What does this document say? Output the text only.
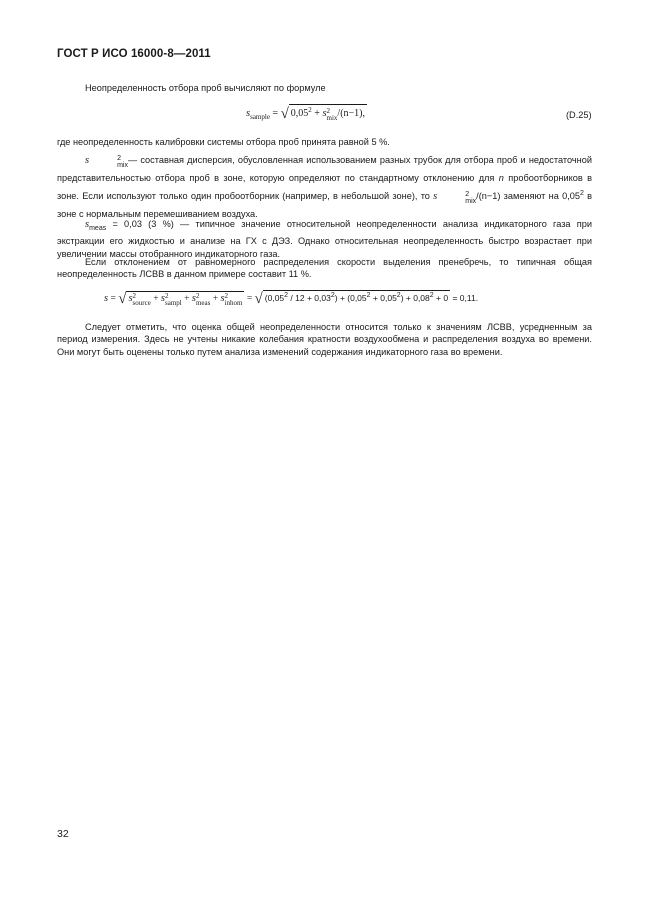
ГОСТ Р ИСО 16000-8—2011

Неопределенность отбора проб вычисляют по формуле

$s_{sample}$ = √ $0,05^2 + s$ 2
mix /(n−1),	(D.25)

где неопределенность калибровки системы отбора проб принята равной 5 %.

s	2
mix
— составная дисперсия, обусловленная использованием разных трубок для отбора проб и недостаточной представительностью отбора проб в зоне, которую определяют по стандартному отклонению для n пробоотборников в зоне. Если используют только один пробоотборник (например, в небольшой зоне), то s	2
mix
/(n−1) заменяют на 0,05$^2$ в зоне с нормальным перемешиванием воздуха.

$s_{meas} = 0,03$ (3 %) — типичное значение относительной неопределенности анализа индикаторного газа при экстракции его жидкостью и анализе на ГХ с ДЭЗ. Однако относительная неопределенность быстро возрастает при увеличении массы отобранного индикаторного газа.

Если отклонением от равномерного распределения скорости выделения пренебречь, то типичная общая неопределенность ЛСВВ в данном примере составит 11 %.

s = √ s 2
source + s 2
sampl + s 2
meas + s 2
inhom = √ $(0,05^2 / 12 + 0,03^2) + (0,05^2 + 0,05^2) + 0,08^2 + 0 = 0,11$.

Следует отметить, что оценка общей неопределенности относится только к значениям ЛСВВ, усредненным за период измерения. Здесь не учтены никакие колебания кратности воздухообмена и распределения воздуха во времени. Они могут быть оценены только путем анализа изменений содержания индикаторного газа во времени.

32
